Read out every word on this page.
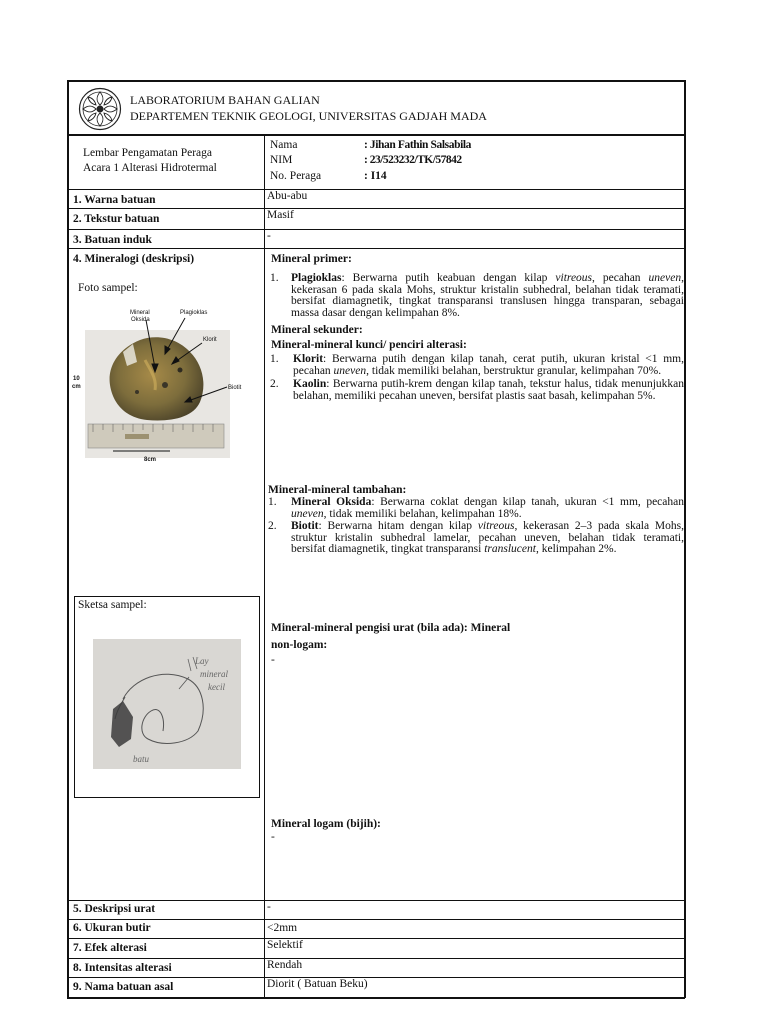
LABORATORIUM BAHAN GALIAN
DEPARTEMEN TEKNIK GEOLOGI, UNIVERSITAS GADJAH MADA
Lembar Pengamatan Peraga
Acara 1 Alterasi Hidrotermal
Nama	: Jihan Fathin Salsabila
NIM	: 23/523232/TK/57842
No. Peraga	: I14
1. Warna batuan	Abu-abu
2. Tekstur batuan	Masif
3. Batuan induk	-
4. Mineralogi (deskripsi)
Foto sampel:
Mineral
Oksida
Plagioklas
Klorit
Biotit
10
cm
8cm
Sketsa sampel:
Lay
mineral
kecil
batu
Mineral primer:
1. Plagioklas: Berwarna putih keabuan dengan kilap vitreous, pecahan uneven,
kekerasan 6 pada skala Mohs, struktur kristalin subhedral, belahan tidak teramati,
bersifat diamagnetik, tingkat transparansi translusen hingga transparan, sebagai
massa dasar dengan kelimpahan 8%.
Mineral sekunder:
Mineral-mineral kunci/ penciri alterasi:
1. Klorit: Berwarna putih dengan kilap tanah, cerat putih, ukuran kristal <1 mm,
pecahan uneven, tidak memiliki belahan, berstruktur granular, kelimpahan 70%.
2. Kaolin: Berwarna putih-krem dengan kilap tanah, tekstur halus, tidak menunjukkan
belahan, memiliki pecahan uneven, bersifat plastis saat basah, kelimpahan 5%.
Mineral-mineral tambahan:
1. Mineral Oksida: Berwarna coklat dengan kilap tanah, ukuran <1 mm, pecahan
uneven, tidak memiliki belahan, kelimpahan 18%.
2. Biotit: Berwarna hitam dengan kilap vitreous, kekerasan 2–3 pada skala Mohs,
struktur kristalin subhedral lamelar, pecahan uneven, belahan tidak teramati,
bersifat diamagnetik, tingkat transparansi translucent, kelimpahan 2%.
Mineral-mineral pengisi urat (bila ada): Mineral
non-logam:
-
Mineral logam (bijih):
-
5. Deskripsi urat	-
6. Ukuran butir	<2mm
7. Efek alterasi	Selektif
8. Intensitas alterasi	Rendah
9. Nama batuan asal	Diorit ( Batuan Beku)
